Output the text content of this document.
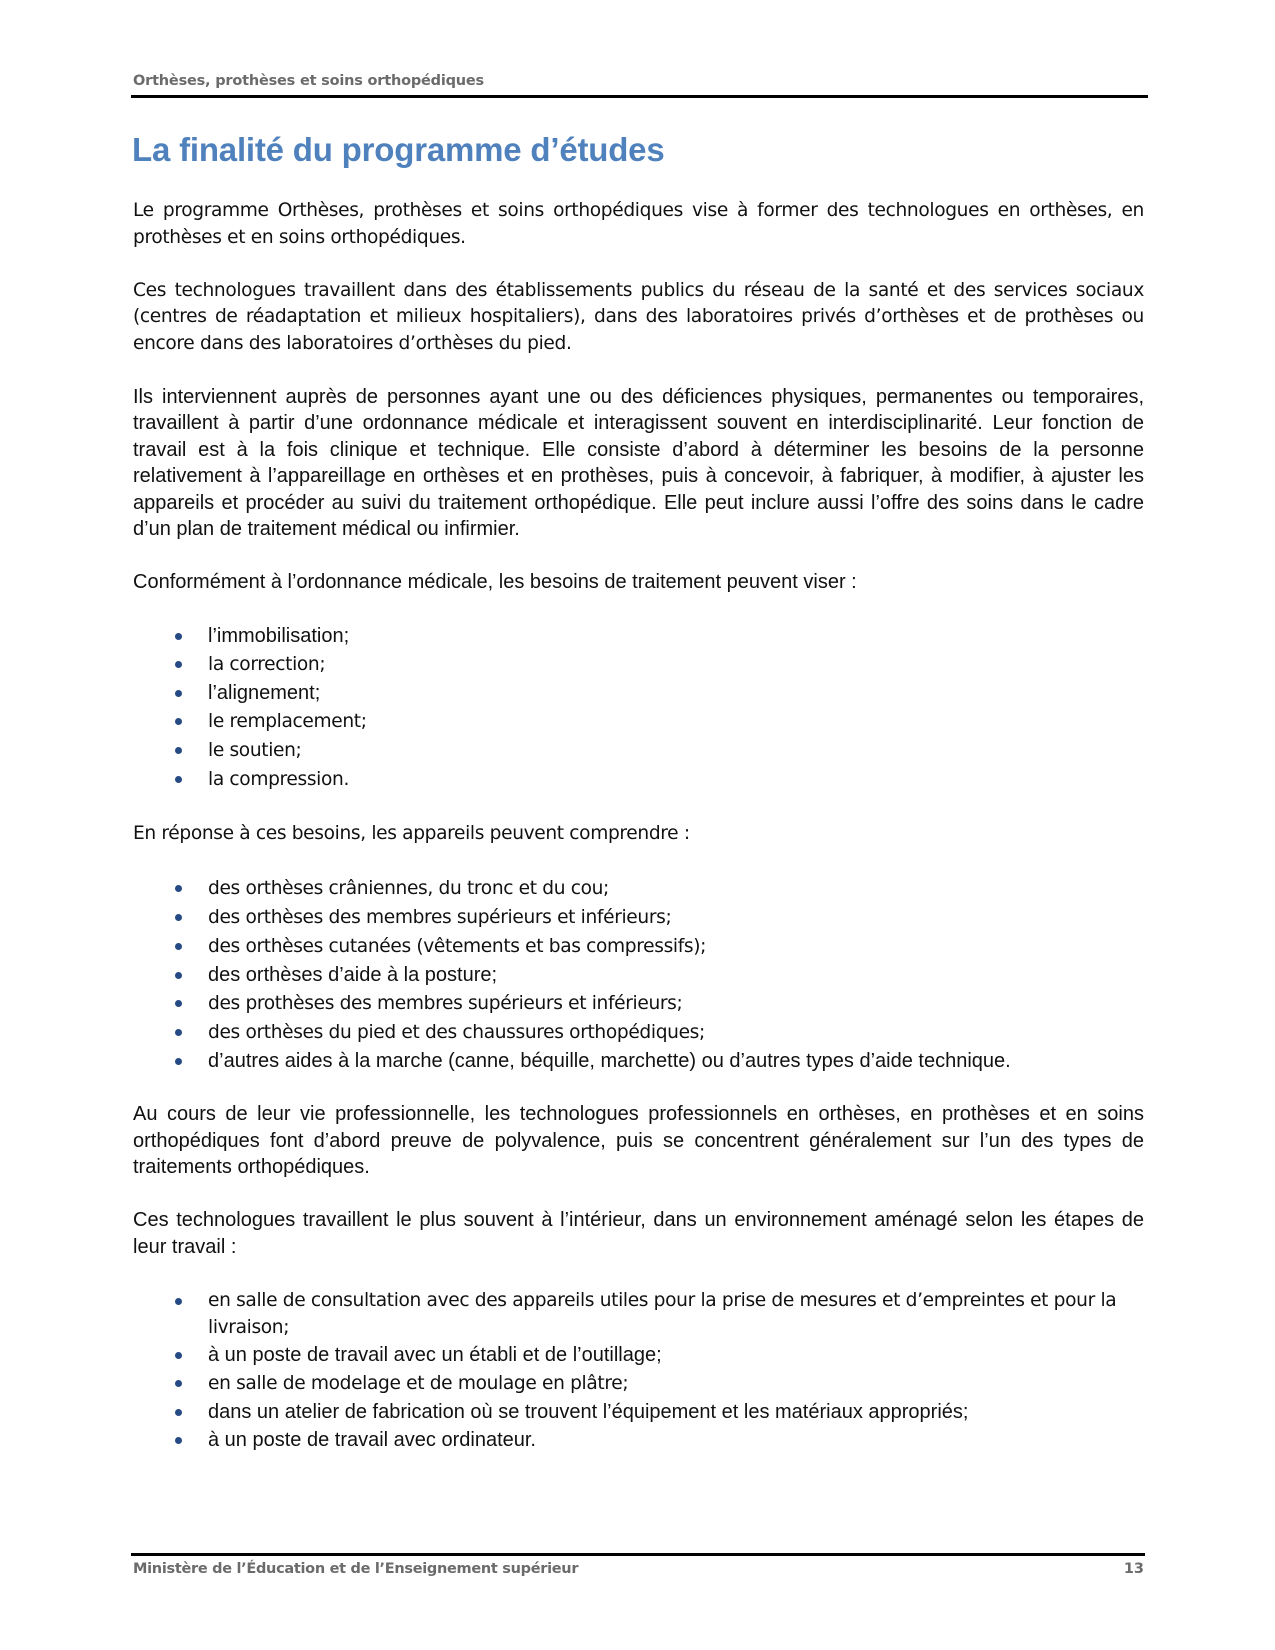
Orthèses, prothèses et soins orthopédiques
La finalité du programme d’études

Le programme Orthèses, prothèses et soins orthopédiques vise à former des technologues en orthèses, en prothèses et en soins orthopédiques.

Ces technologues travaillent dans des établissements publics du réseau de la santé et des services sociaux (centres de réadaptation et milieux hospitaliers), dans des laboratoires privés d’orthèses et de prothèses ou encore dans des laboratoires d’orthèses du pied.

Ils interviennent auprès de personnes ayant une ou des déficiences physiques, permanentes ou temporaires, travaillent à partir d’une ordonnance médicale et interagissent souvent en interdisciplinarité. Leur fonction de travail est à la fois clinique et technique. Elle consiste d’abord à déterminer les besoins de la personne relativement à l’appareillage en orthèses et en prothèses, puis à concevoir, à fabriquer, à modifier, à ajuster les appareils et procéder au suivi du traitement orthopédique. Elle peut inclure aussi l’offre des soins dans le cadre d’un plan de traitement médical ou infirmier.

Conformément à l’ordonnance médicale, les besoins de traitement peuvent viser :

l’immobilisation;
la correction;
l’alignement;
le remplacement;
le soutien;
la compression.

En réponse à ces besoins, les appareils peuvent comprendre :

des orthèses crâniennes, du tronc et du cou;
des orthèses des membres supérieurs et inférieurs;
des orthèses cutanées (vêtements et bas compressifs);
des orthèses d’aide à la posture;
des prothèses des membres supérieurs et inférieurs;
des orthèses du pied et des chaussures orthopédiques;
d’autres aides à la marche (canne, béquille, marchette) ou d’autres types d’aide technique.

Au cours de leur vie professionnelle, les technologues professionnels en orthèses, en prothèses et en soins orthopédiques font d’abord preuve de polyvalence, puis se concentrent généralement sur l’un des types de traitements orthopédiques.

Ces technologues travaillent le plus souvent à l’intérieur, dans un environnement aménagé selon les étapes de leur travail :

en salle de consultation avec des appareils utiles pour la prise de mesures et d’empreintes et pour la livraison;
à un poste de travail avec un établi et de l’outillage;
en salle de modelage et de moulage en plâtre;
dans un atelier de fabrication où se trouvent l’équipement et les matériaux appropriés;
à un poste de travail avec ordinateur.
Ministère de l’Éducation et de l’Enseignement supérieur	13
